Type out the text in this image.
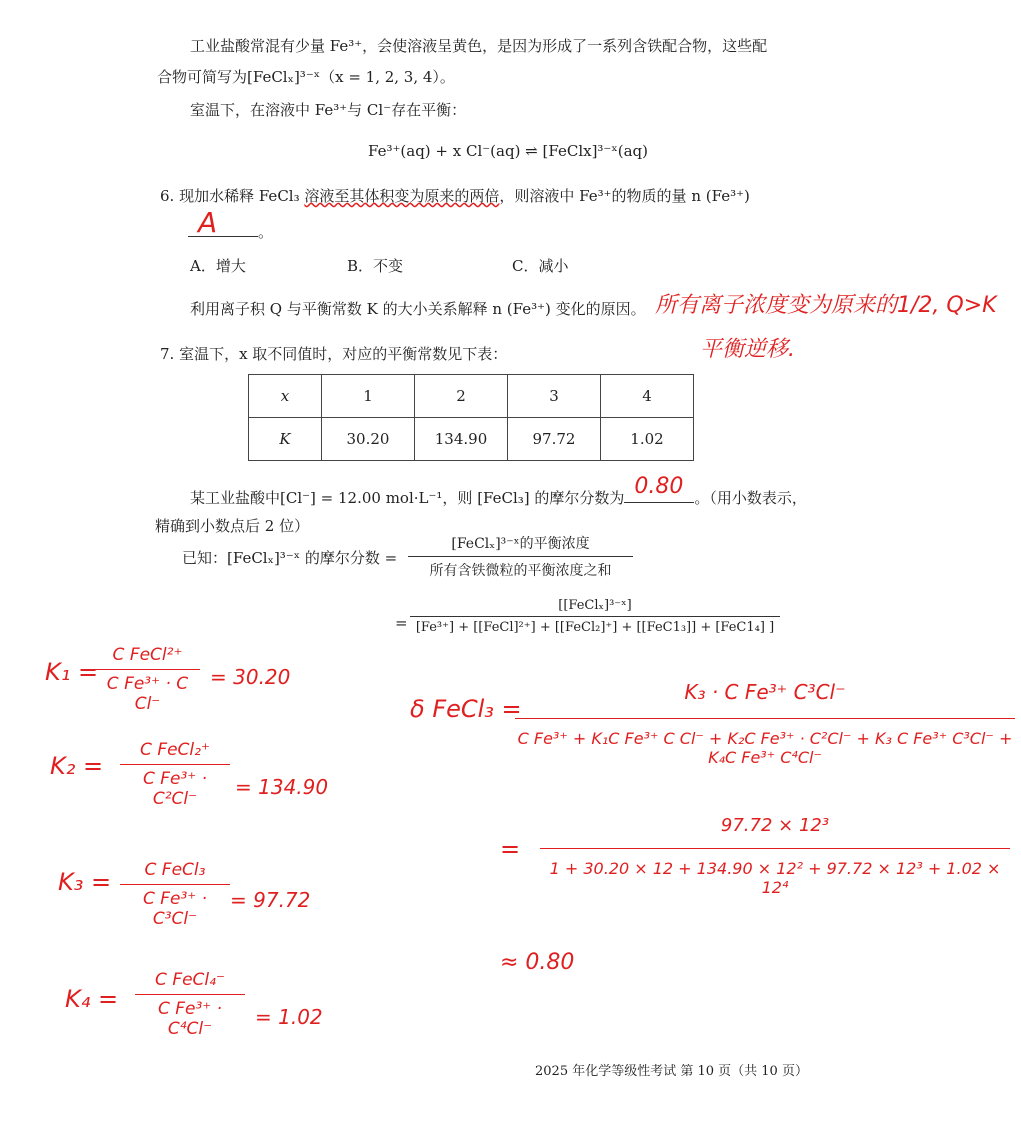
工业盐酸常混有少量 Fe³⁺，会使溶液呈黄色，是因为形成了一系列含铁配合物，这些配
合物可简写为[FeClₓ]³⁻ˣ（x = 1, 2, 3, 4）。
室温下，在溶液中 Fe³⁺与 Cl⁻存在平衡：
Fe³⁺(aq) + x Cl⁻(aq) ⇌ [FeClx]³⁻ˣ(aq)
6. 现加水稀释 FeCl₃ 溶液至其体积变为原来的两倍，则溶液中 Fe³⁺的物质的量 n (Fe³⁺)
A	。
A．增大	B．不变	C．减小
利用离子积 Q 与平衡常数 K 的大小关系解释 n (Fe³⁺) 变化的原因。 所有离子浓度变为原来的1/2, Q>K
平衡逆移.
7. 室温下，x 取不同值时，对应的平衡常数见下表：
x	1	2	3	4
K	30.20	134.90	97.72	1.02
某工业盐酸中[Cl⁻] = 12.00 mol·L⁻¹，则 [FeCl₃] 的摩尔分数为 0.80 。（用小数表示，
精确到小数点后 2 位）
已知：[FeClₓ]³⁻ˣ 的摩尔分数 =
[FeClₓ]³⁻ˣ的平衡浓度
所有含铁微粒的平衡浓度之和
=
[[FeClₓ]³⁻ˣ]
[Fe³⁺] + [[FeCl]²⁺] + [[FeCl₂]⁺] + [[FeC1₃]] + [FeC1₄] ]
K₁ =
C FeCl²⁺
C Fe³⁺ · C Cl⁻
= 30.20
K₂ =
C FeCl₂⁺
C Fe³⁺ · C²Cl⁻	= 134.90
K₃ =	C FeCl₃
C Fe³⁺ · C³Cl⁻
= 97.72
K₄ =
C FeCl₄⁻
C Fe³⁺ · C⁴Cl⁻	= 1.02
δ FeCl₃ =
K₃ · C Fe³⁺ C³Cl⁻
C Fe³⁺ + K₁C Fe³⁺ C Cl⁻ + K₂C Fe³⁺ · C²Cl⁻ + K₃ C Fe³⁺ C³Cl⁻ + K₄C Fe³⁺ C⁴Cl⁻
=
97.72 × 12³
1 + 30.20 × 12 + 134.90 × 12² + 97.72 × 12³ + 1.02 × 12⁴
≈ 0.80
2025 年化学等级性考试 第 10 页（共 10 页）
